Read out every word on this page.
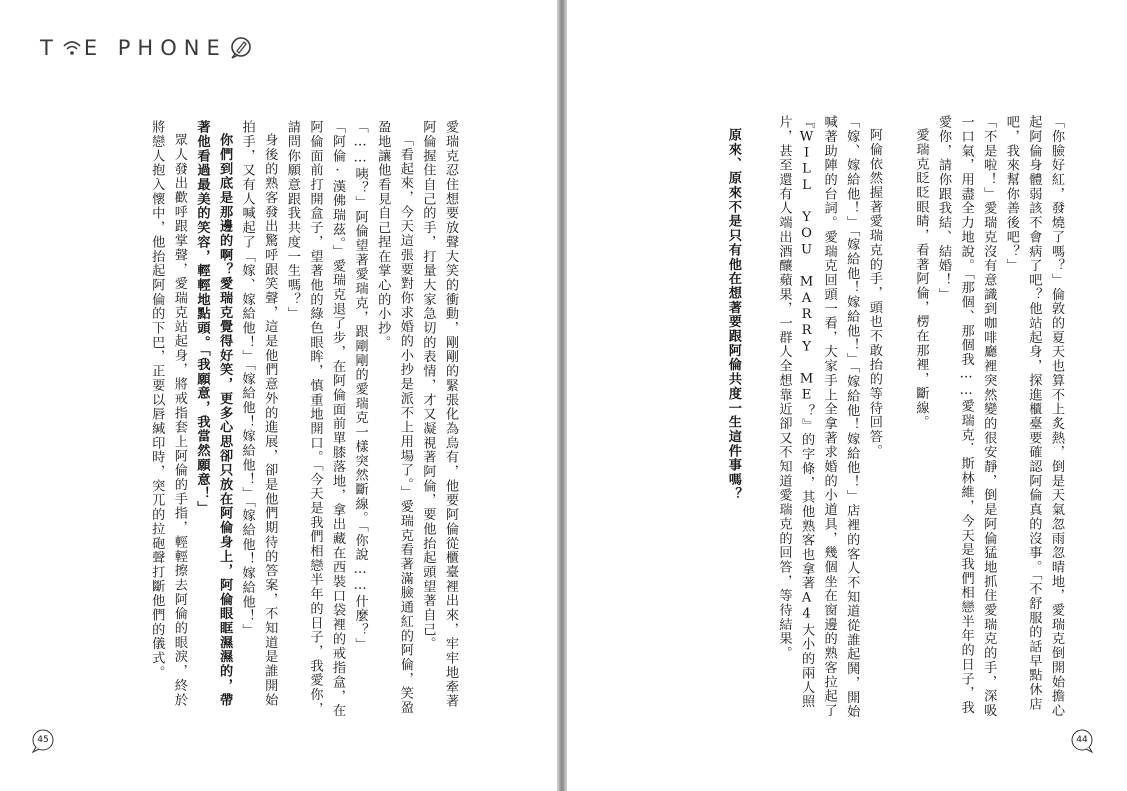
T E PHON E

愛瑞克忍住想要放聲大笑的衝動，剛剛的緊張化為烏有，他要阿倫從櫃臺裡出來，牢牢地牽著阿倫握住自己的手，打量大家急切的表情，才又凝視著阿倫，要他抬起頭望著自己。

「看起來，今天這張要對你求婚的小抄是派不上用場了。」愛瑞克看著滿臉通紅的阿倫，笑盈盈地讓他看見自己捏在掌心的小抄。

「……咦？」阿倫望著愛瑞克，跟剛剛的愛瑞克一樣突然斷線。「你說……什麼？」

「阿倫·漢佛瑞茲。」愛瑞克退了步，在阿倫面前單膝落地，拿出藏在西裝口袋裡的戒指盒，在阿倫面前打開盒子，望著他的綠色眼眸，慎重地開口。「今天是我們相戀半年的日子，我愛你，請問你願意跟我共度一生嗎？」

身後的熟客發出驚呼跟笑聲，這是他們意外的進展，卻是他們期待的答案，不知道是誰開始拍手，又有人喊起了「嫁、嫁給他！」「嫁給他！嫁給他！」「嫁給他！嫁給他！」

你們到底是那邊的啊？愛瑞克覺得好笑，更多心思卻只放在阿倫身上，阿倫眼眶濕濕的，帶著他看過最美的笑容，輕輕地點頭。「我願意，我當然願意！」

眾人發出歡呼跟掌聲，愛瑞克站起身，將戒指套上阿倫的手指，輕輕擦去阿倫的眼淚，終於將戀人抱入懷中，他抬起阿倫的下巴，正要以唇緘印時，突兀的拉砲聲打斷他們的儀式。

45

「你臉好紅，發燒了嗎？」倫敦的夏天也算不上炙熱，倒是天氣忽雨忽晴地，愛瑞克倒開始擔心起阿倫身體弱該不會病了吧？他站起身，探進櫃臺要確認阿倫真的沒事。「不舒服的話早點休店吧，我來幫你善後吧？」

「不是啦！」愛瑞克沒有意識到咖啡廳裡突然變的很安靜，倒是阿倫猛地抓住愛瑞克的手，深吸一口氣，用盡全力地說。「那個、那個我……愛瑞克．斯林維，今天是我們相戀半年的日子，我愛你，請你跟我結、結婚！」

愛瑞克眨眨眼睛，看著阿倫，楞在那裡，斷線。

阿倫依然握著愛瑞克的手，頭也不敢抬的等待回答。

「嫁、嫁給他！」「嫁給他！嫁給他！」「嫁給他！嫁給他！」店裡的客人不知道從誰起鬨，開始喊著助陣的台詞。愛瑞克回頭一看，大家手上全拿著求婚的小道具，幾個坐在窗邊的熟客拉起了『WILL YOU MARRY ME？』的字條，其他熟客也拿著A4大小的兩人照片，甚至還有人端出酒釀蘋果，一群人全想靠近卻又不知道愛瑞克的回答，等待結果。

原來、原來不是只有他在想著要跟阿倫共度一生這件事嗎？

44
